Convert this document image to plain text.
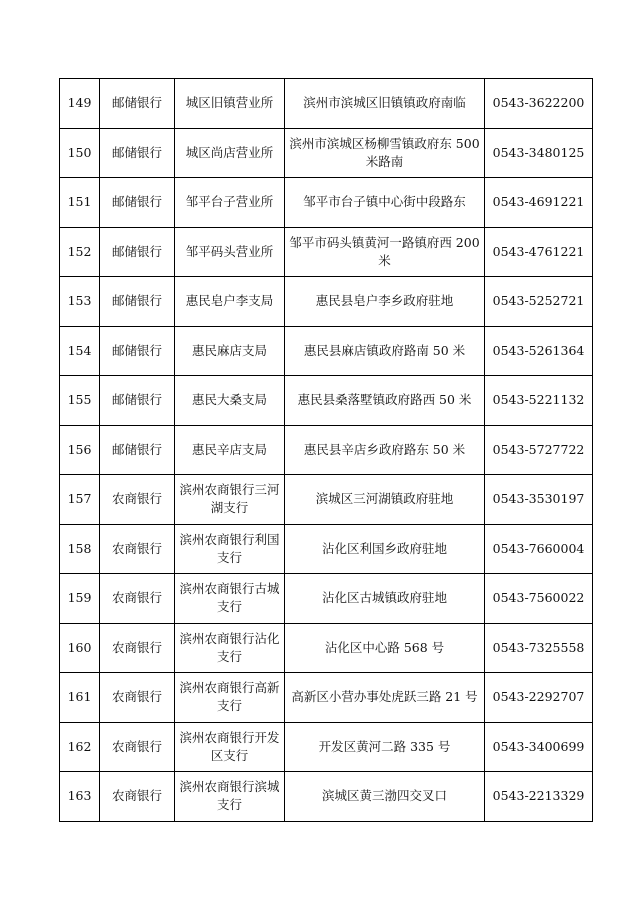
149	邮储银行	城区旧镇营业所	滨州市滨城区旧镇镇政府南临	0543-3622200
150	邮储银行	城区尚店营业所	滨州市滨城区杨柳雪镇政府东 500 米路南	0543-3480125
151	邮储银行	邹平台子营业所	邹平市台子镇中心街中段路东	0543-4691221
152	邮储银行	邹平码头营业所	邹平市码头镇黄河一路镇府西 200 米	0543-4761221
153	邮储银行	惠民皂户李支局	惠民县皂户李乡政府驻地	0543-5252721
154	邮储银行	惠民麻店支局	惠民县麻店镇政府路南 50 米	0543-5261364
155	邮储银行	惠民大桑支局	惠民县桑落墅镇政府路西 50 米	0543-5221132
156	邮储银行	惠民辛店支局	惠民县辛店乡政府路东 50 米	0543-5727722
157	农商银行	滨州农商银行三河湖支行	滨城区三河湖镇政府驻地	0543-3530197
158	农商银行	滨州农商银行利国支行	沾化区利国乡政府驻地	0543-7660004
159	农商银行	滨州农商银行古城支行	沾化区古城镇政府驻地	0543-7560022
160	农商银行	滨州农商银行沾化支行	沾化区中心路 568 号	0543-7325558
161	农商银行	滨州农商银行高新支行	高新区小营办事处虎跃三路 21 号	0543-2292707
162	农商银行	滨州农商银行开发区支行	开发区黄河二路 335 号	0543-3400699
163	农商银行	滨州农商银行滨城支行	滨城区黄三渤四交叉口	0543-2213329
